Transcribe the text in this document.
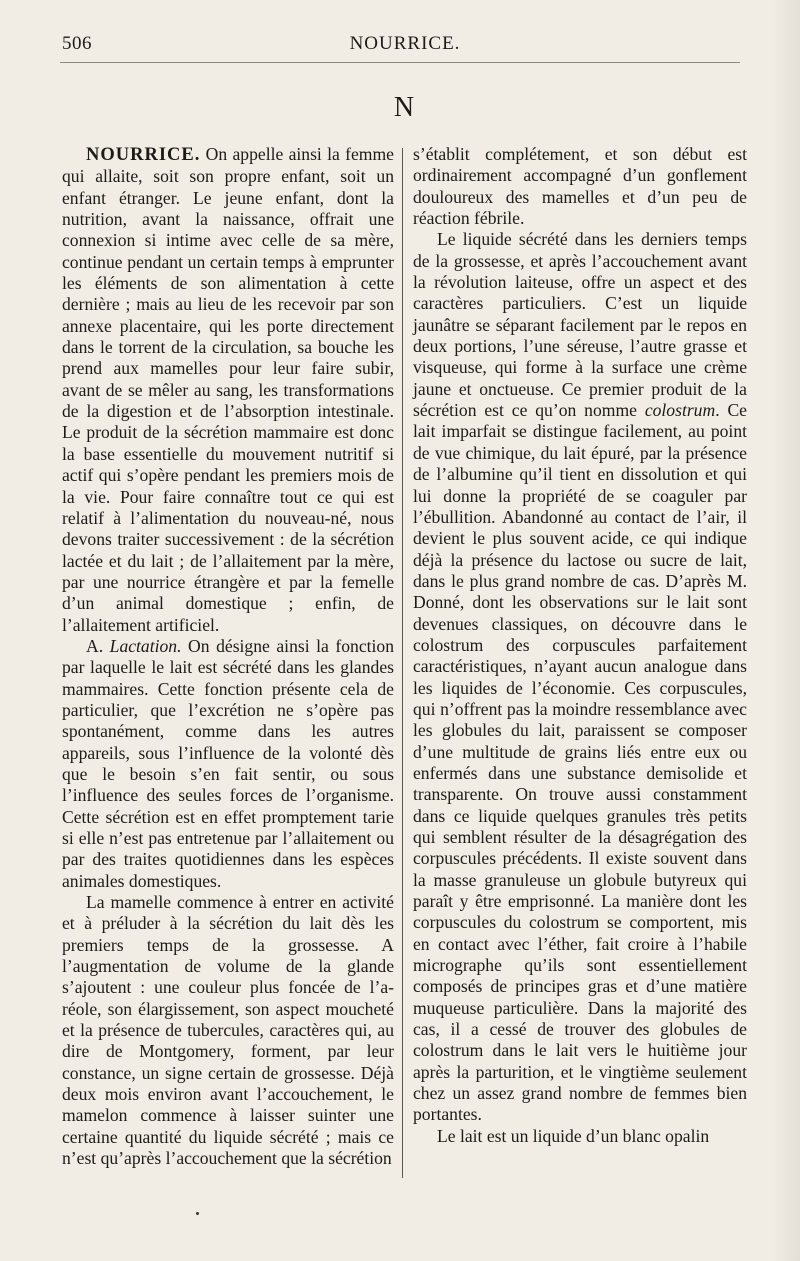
506	NOURRICE.
N

NOURRICE. On appelle ainsi la femme qui allaite, soit son propre enfant, soit un enfant étranger. Le jeune enfant, dont la nutrition, avant la naissance, offrait une connexion si intime avec celle de sa mère, continue pendant un certain temps à emprunter les éléments de son alimentation à cette dernière ; mais au lieu de les recevoir par son annexe placentaire, qui les porte directement dans le torrent de la circulation, sa bouche les prend aux mamelles pour leur faire subir, avant de se mêler au sang, les transformations de la digestion et de l’absorption intestinale. Le produit de la sécrétion mammaire est donc la base essentielle du mouvement nutritif si actif qui s’opère pendant les premiers mois de la vie. Pour faire connaître tout ce qui est relatif à l’alimentation du nouveau-né, nous devons traiter successivement : de la sécrétion lactée et du lait ; de l’allaitement par la mère, par une nourrice étrangère et par la femelle d’un animal domestique ; enfin, de l’allaitement artificiel.

A. Lactation. On désigne ainsi la fonction par laquelle le lait est sécrété dans les glandes mammaires. Cette fonction présente cela de particulier, que l’excrétion ne s’opère pas spontanément, comme dans les autres appareils, sous l’influence de la volonté dès que le besoin s’en fait sentir, ou sous l’influence des seules forces de l’organisme. Cette sécrétion est en effet promptement tarie si elle n’est pas entretenue par l’allaitement ou par des traites quotidiennes dans les espèces animales domestiques.

La mamelle commence à entrer en activité et à préluder à la sécrétion du lait dès les premiers temps de la grossesse. A l’augmentation de volume de la glande s’ajoutent : une couleur plus foncée de l’aréole, son élargissement, son aspect moucheté et la présence de tubercules, caractères qui, au dire de Montgomery, forment, par leur constance, un signe certain de grossesse. Déjà deux mois environ avant l’accouchement, le mamelon commence à laisser suinter une certaine quantité du liquide sécrété ; mais ce n’est qu’après l’accouchement que la sécrétion

s’établit complétement, et son début est ordinairement accompagné d’un gonflement douloureux des mamelles et d’un peu de réaction fébrile.

Le liquide sécrété dans les derniers temps de la grossesse, et après l’accouchement avant la révolution laiteuse, offre un aspect et des caractères particuliers. C’est un liquide jaunâtre se séparant facilement par le repos en deux portions, l’une séreuse, l’autre grasse et visqueuse, qui forme à la surface une crème jaune et onctueuse. Ce premier produit de la sécrétion est ce qu’on nomme colostrum. Ce lait imparfait se distingue facilement, au point de vue chimique, du lait épuré, par la présence de l’albumine qu’il tient en dissolution et qui lui donne la propriété de se coaguler par l’ébullition. Abandonné au contact de l’air, il devient le plus souvent acide, ce qui indique déjà la présence du lactose ou sucre de lait, dans le plus grand nombre de cas. D’après M. Donné, dont les observations sur le lait sont devenues classiques, on découvre dans le colostrum des corpuscules parfaitement caractéristiques, n’ayant aucun analogue dans les liquides de l’économie. Ces corpuscules, qui n’offrent pas la moindre ressemblance avec les globules du lait, paraissent se composer d’une multitude de grains liés entre eux ou enfermés dans une substance demisolide et transparente. On trouve aussi constamment dans ce liquide quelques granules très petits qui semblent résulter de la désagrégation des corpuscules précédents. Il existe souvent dans la masse granuleuse un globule butyreux qui paraît y être emprisonné. La manière dont les corpuscules du colostrum se comportent, mis en contact avec l’éther, fait croire à l’habile micrographe qu’ils sont essentiellement composés de principes gras et d’une matière muqueuse particulière. Dans la majorité des cas, il a cessé de trouver des globules de colostrum dans le lait vers le huitième jour après la parturition, et le vingtième seulement chez un assez grand nombre de femmes bien portantes.

Le lait est un liquide d’un blanc opalin
